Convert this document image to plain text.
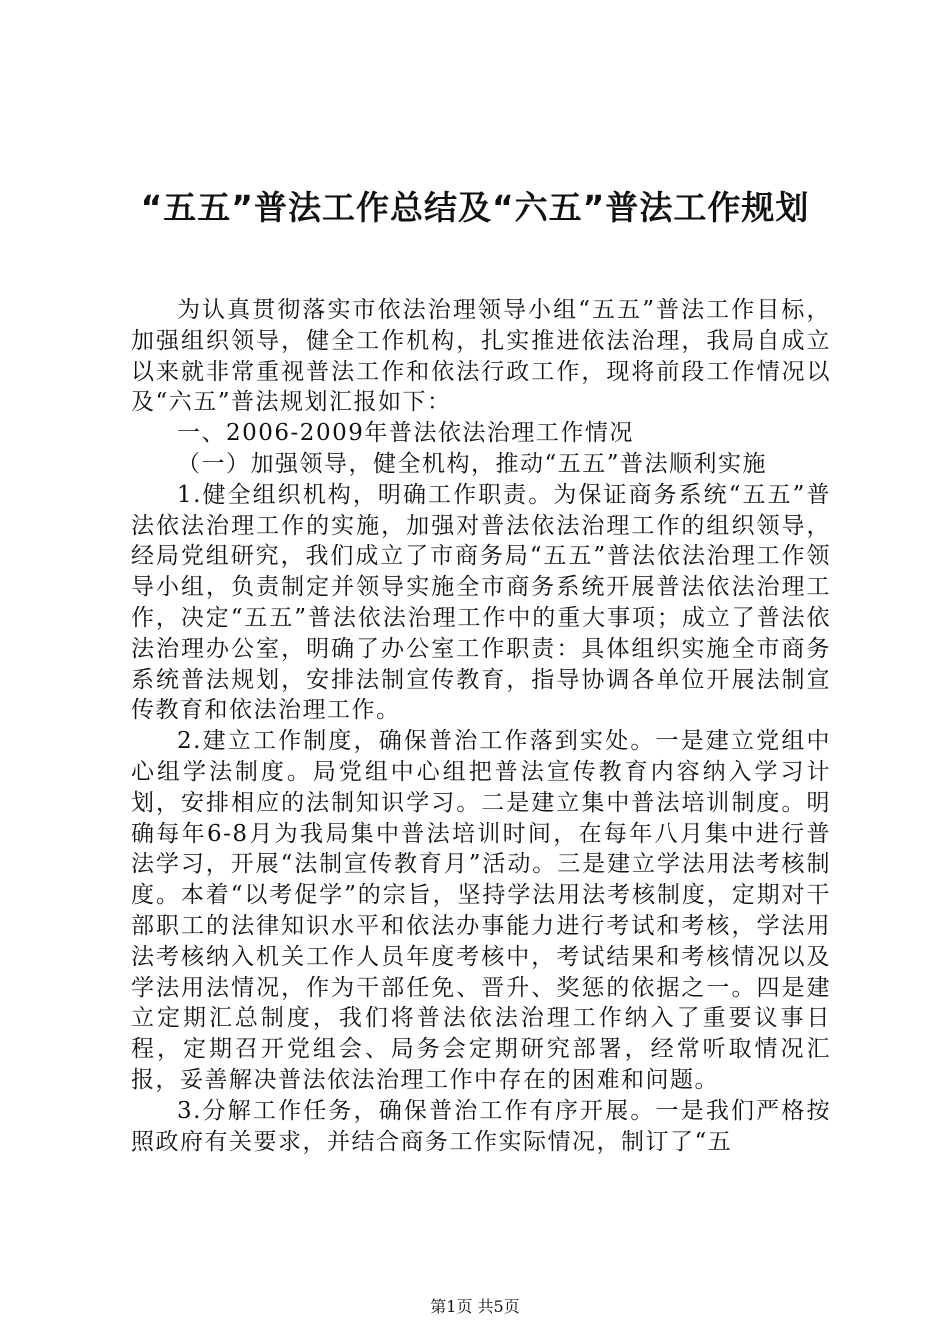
“五五”普法工作总结及“六五”普法工作规划

为认真贯彻落实市依法治理领导小组“五五”普法工作目标，加强组织领导，健全工作机构，扎实推进依法治理，我局自成立以来就非常重视普法工作和依法行政工作，现将前段工作情况以及“六五”普法规划汇报如下：

一、2006-2009年普法依法治理工作情况

（一）加强领导，健全机构，推动“五五”普法顺利实施

1.健全组织机构，明确工作职责。为保证商务系统“五五”普法依法治理工作的实施，加强对普法依法治理工作的组织领导，经局党组研究，我们成立了市商务局“五五”普法依法治理工作领导小组，负责制定并领导实施全市商务系统开展普法依法治理工作，决定“五五”普法依法治理工作中的重大事项；成立了普法依法治理办公室，明确了办公室工作职责：具体组织实施全市商务系统普法规划，安排法制宣传教育，指导协调各单位开展法制宣传教育和依法治理工作。

2.建立工作制度，确保普治工作落到实处。一是建立党组中心组学法制度。局党组中心组把普法宣传教育内容纳入学习计划，安排相应的法制知识学习。二是建立集中普法培训制度。明确每年6-8月为我局集中普法培训时间，在每年八月集中进行普法学习，开展“法制宣传教育月”活动。三是建立学法用法考核制度。本着“以考促学”的宗旨，坚持学法用法考核制度，定期对干部职工的法律知识水平和依法办事能力进行考试和考核，学法用法考核纳入机关工作人员年度考核中，考试结果和考核情况以及学法用法情况，作为干部任免、晋升、奖惩的依据之一。四是建立定期汇总制度，我们将普法依法治理工作纳入了重要议事日程，定期召开党组会、局务会定期研究部署，经常听取情况汇报，妥善解决普法依法治理工作中存在的困难和问题。

3.分解工作任务，确保普治工作有序开展。一是我们严格按照政府有关要求，并结合商务工作实际情况，制订了“五

第1页 共5页
